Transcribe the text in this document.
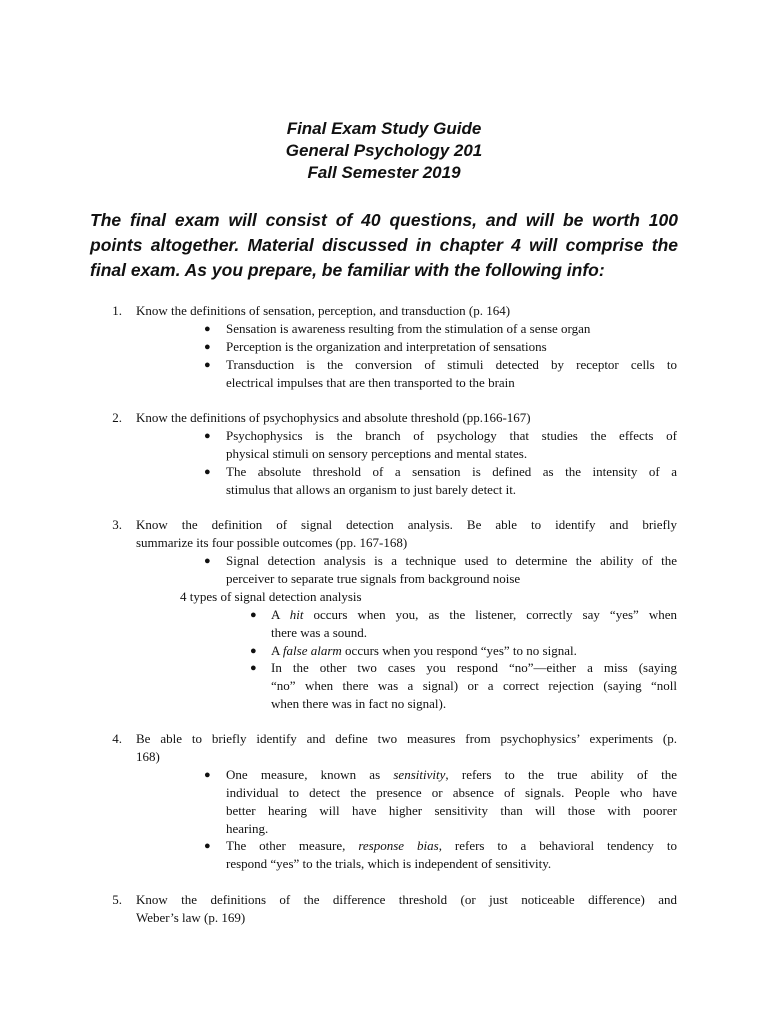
Final Exam Study Guide
General Psychology 201
Fall Semester 2019
The final exam will consist of 40 questions, and will be worth 100
points altogether. Material discussed in chapter 4 will comprise the
final exam. As you prepare, be familiar with the following info:
1. Know the definitions of sensation, perception, and transduction (p. 164)
● Sensation is awareness resulting from the stimulation of a sense organ
● Perception is the organization and interpretation of sensations
● Transduction is the conversion of stimuli detected by receptor cells to
electrical impulses that are then transported to the brain
2. Know the definitions of psychophysics and absolute threshold (pp.166-167)
● Psychophysics is the branch of psychology that studies the effects of
physical stimuli on sensory perceptions and mental states.
● The absolute threshold of a sensation is defined as the intensity of a
stimulus that allows an organism to just barely detect it.
3. Know the definition of signal detection analysis. Be able to identify and briefly
summarize its four possible outcomes (pp. 167-168)
● Signal detection analysis is a technique used to determine the ability of the
perceiver to separate true signals from background noise
4 types of signal detection analysis
● A hit occurs when you, as the listener, correctly say “yes” when
there was a sound.
● A false alarm occurs when you respond “yes” to no signal.
● In the other two cases you respond “no”—either a miss (saying
“no” when there was a signal) or a correct rejection (saying “noll
when there was in fact no signal).
4. Be able to briefly identify and define two measures from psychophysics’ experiments (p.
168)
● One measure, known as sensitivity, refers to the true ability of the
individual to detect the presence or absence of signals. People who have
better hearing will have higher sensitivity than will those with poorer
hearing.
● The other measure, response bias, refers to a behavioral tendency to
respond “yes” to the trials, which is independent of sensitivity.
5. Know the definitions of the difference threshold (or just noticeable difference) and
Weber’s law (p. 169)
